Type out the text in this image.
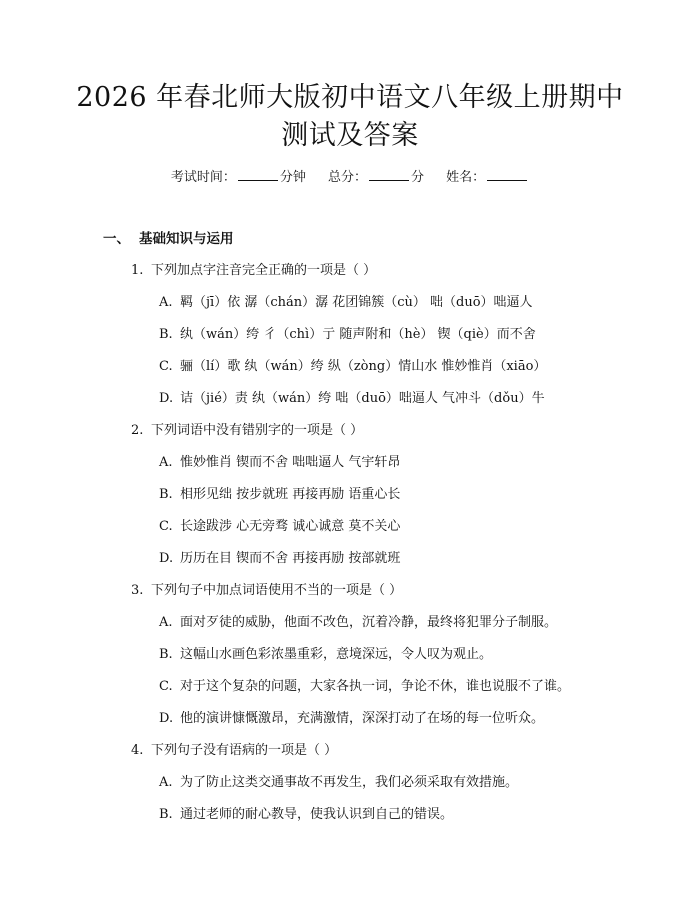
2026 年春北师大版初中语文八年级上册期中
测试及答案
考试时间：	分钟 总分：	分 姓名：
一、 基础知识与运用
1. 下列加点字注音完全正确的一项是（ ）
A. 羁（jī）依 潺（chán）潺 花团锦簇（cù） 咄（duō）咄逼人
B. 纨（wán）绔 彳（chì）亍 随声附和（hè） 锲（qiè）而不舍
C. 骊（lí）歌 纨（wán）绔 纵（zòng）情山水 惟妙惟肖（xiāo）
D. 诘（jié）责 纨（wán）绔 咄（duō）咄逼人 气冲斗（dǒu）牛
2. 下列词语中没有错别字的一项是（ ）
A. 惟妙惟肖 锲而不舍 咄咄逼人 气宇轩昂
B. 相形见绌 按步就班 再接再励 语重心长
C. 长途跋涉 心无旁骛 诚心诚意 莫不关心
D. 历历在目 锲而不舍 再接再励 按部就班
3. 下列句子中加点词语使用不当的一项是（ ）
A. 面对歹徒的威胁，他面不改色，沉着冷静，最终将犯罪分子制服。
B. 这幅山水画色彩浓墨重彩，意境深远，令人叹为观止。
C. 对于这个复杂的问题，大家各执一词，争论不休，谁也说服不了谁。
D. 他的演讲慷慨激昂，充满激情，深深打动了在场的每一位听众。
4. 下列句子没有语病的一项是（ ）
A. 为了防止这类交通事故不再发生，我们必须采取有效措施。
B. 通过老师的耐心教导，使我认识到自己的错误。
